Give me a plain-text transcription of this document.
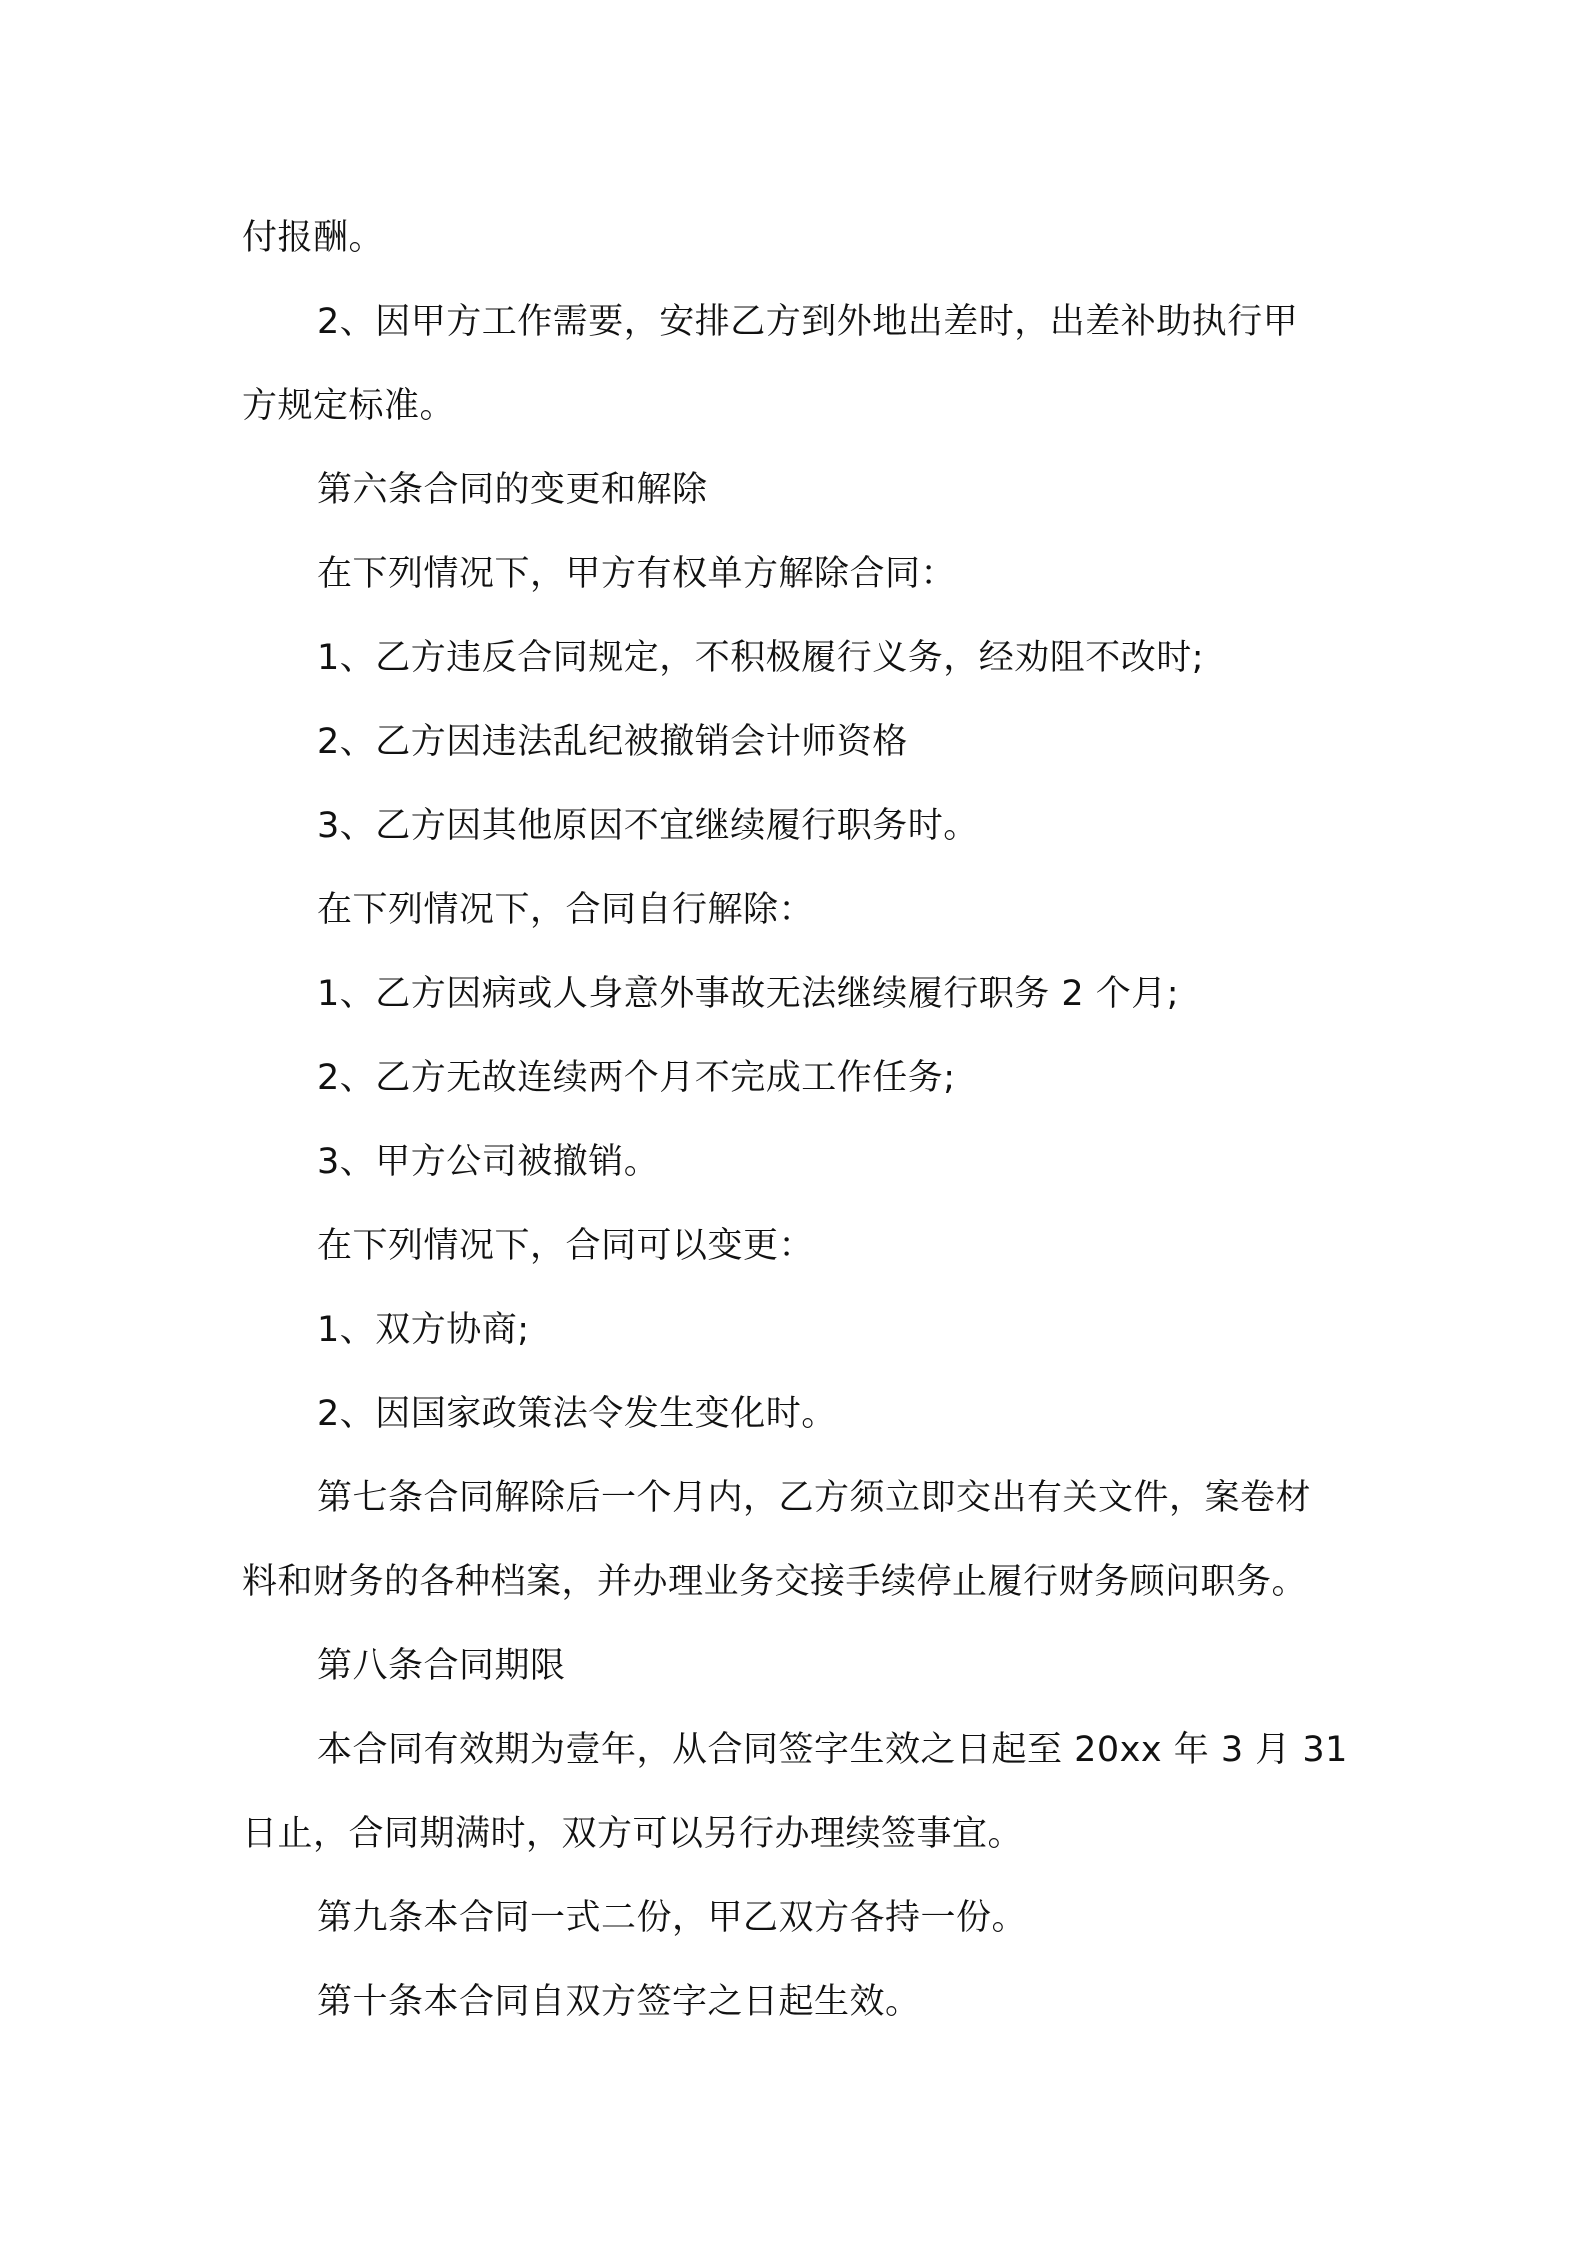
付报酬。
2、因甲方工作需要，安排乙方到外地出差时，出差补助执行甲
方规定标准。
第六条合同的变更和解除
在下列情况下，甲方有权单方解除合同：
1、乙方违反合同规定，不积极履行义务，经劝阻不改时;
2、乙方因违法乱纪被撤销会计师资格
3、乙方因其他原因不宜继续履行职务时。
在下列情况下，合同自行解除：
1、乙方因病或人身意外事故无法继续履行职务 2 个月;
2、乙方无故连续两个月不完成工作任务;
3、甲方公司被撤销。
在下列情况下，合同可以变更：
1、双方协商;
2、因国家政策法令发生变化时。
第七条合同解除后一个月内，乙方须立即交出有关文件，案卷材
料和财务的各种档案，并办理业务交接手续停止履行财务顾问职务。
第八条合同期限
本合同有效期为壹年，从合同签字生效之日起至 20xx 年 3 月 31
日止，合同期满时，双方可以另行办理续签事宜。
第九条本合同一式二份，甲乙双方各持一份。
第十条本合同自双方签字之日起生效。
